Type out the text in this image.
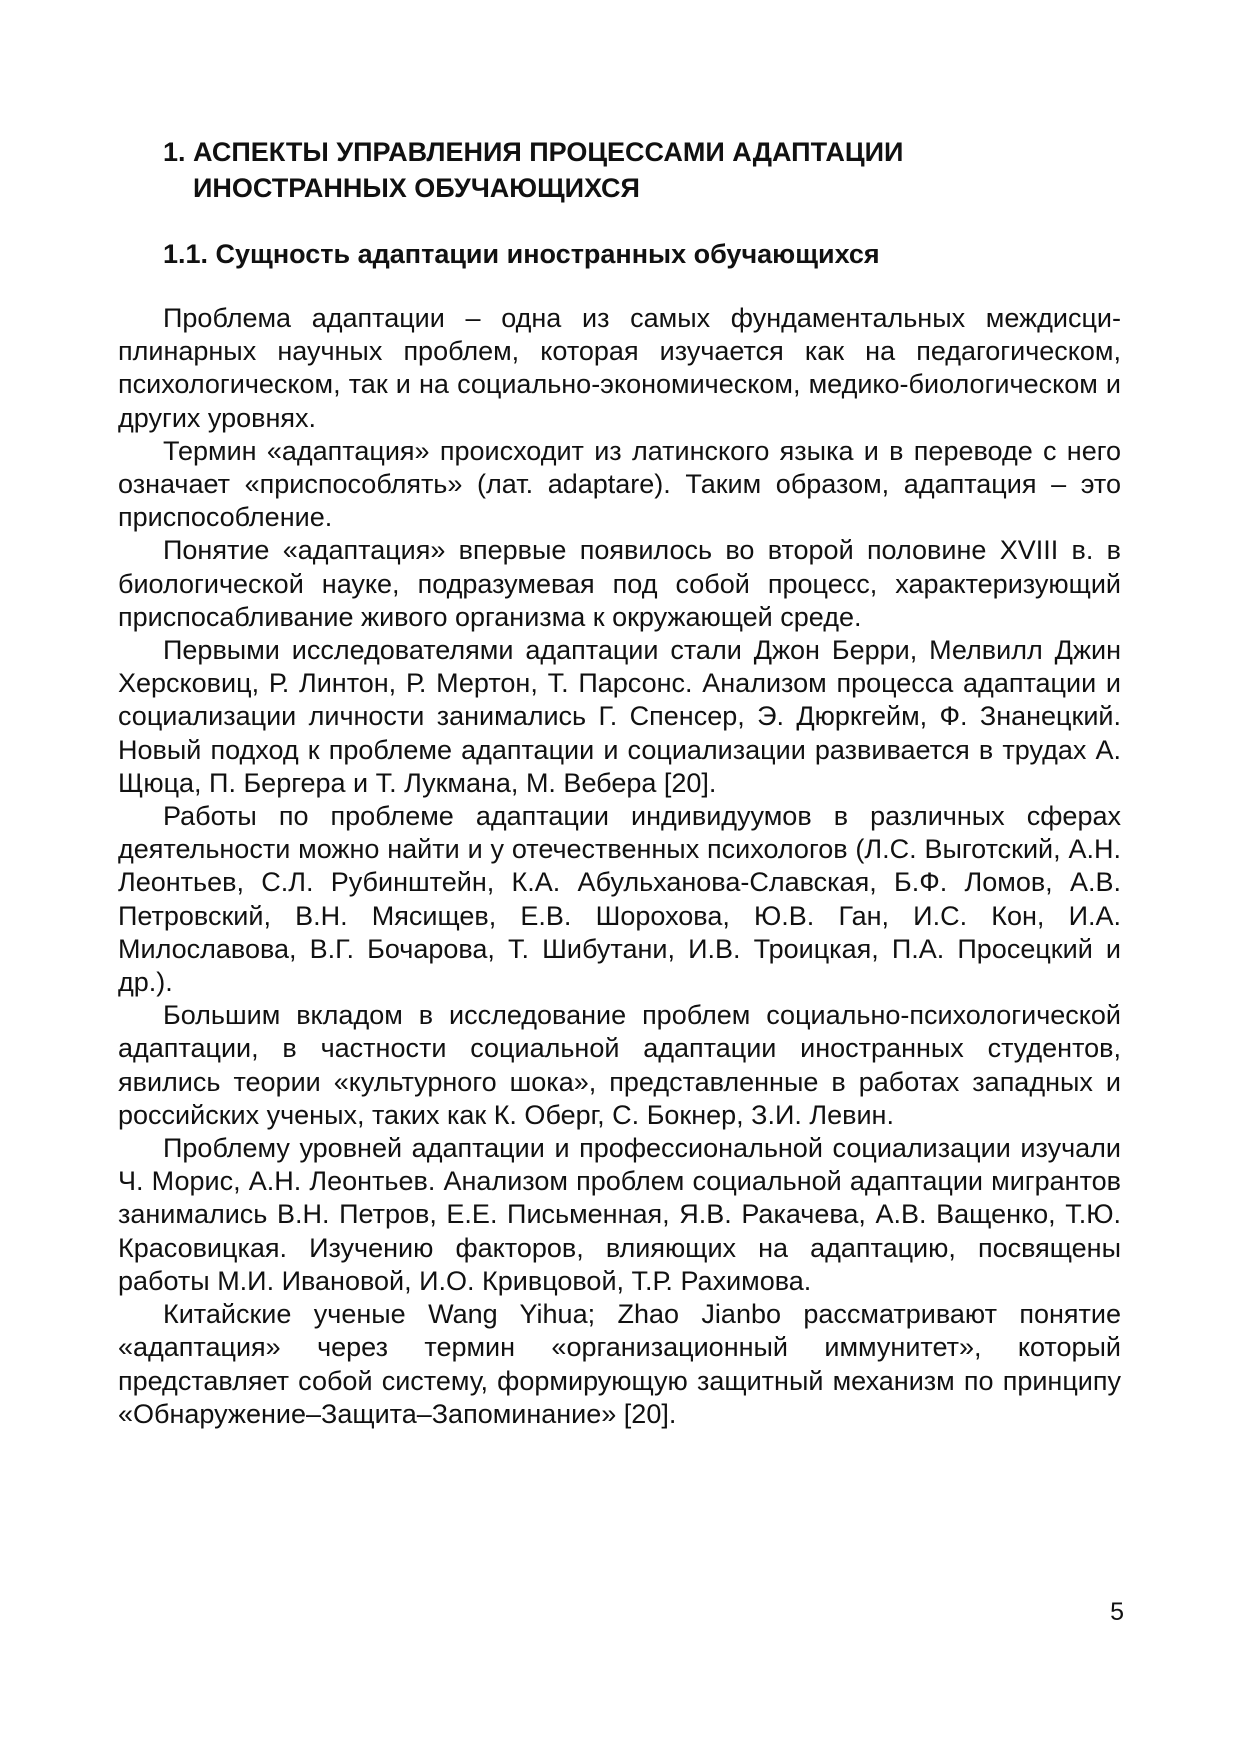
1. АСПЕКТЫ УПРАВЛЕНИЯ ПРОЦЕССАМИ АДАПТАЦИИ
ИНОСТРАННЫХ ОБУЧАЮЩИХСЯ
1.1. Сущность адаптации иностранных обучающихся

Проблема адаптации – одна из самых фундаментальных междисциплинарных научных проблем, которая изучается как на педагогическом, психологическом, так и на социально-экономическом, медико-биологическом и других уровнях.

Термин «адаптация» происходит из латинского языка и в переводе с него означает «приспособлять» (лат. adaptare). Таким образом, адаптация – это приспособление.

Понятие «адаптация» впервые появилось во второй половине XVIII в. в биологической науке, подразумевая под собой процесс, характеризующий приспосабливание живого организма к окружающей среде.

Первыми исследователями адаптации стали Джон Берри, Мелвилл Джин Херсковиц, Р. Линтон, Р. Мертон, Т. Парсонс. Анализом процесса адаптации и социализации личности занимались Г. Спенсер, Э. Дюркгейм, Ф. Знанецкий. Новый подход к проблеме адаптации и социализации развивается в трудах А. Щюца, П. Бергера и Т. Лукмана, М. Вебера [20].

Работы по проблеме адаптации индивидуумов в различных сферах деятельности можно найти и у отечественных психологов (Л.С. Выготский, А.Н. Леонтьев, С.Л. Рубинштейн, К.А. Абульханова-Славская, Б.Ф. Ломов, А.В. Петровский, В.Н. Мясищев, Е.В. Шорохова, Ю.В. Ган, И.С. Кон, И.А. Милославова, В.Г. Бочарова, Т. Шибутани, И.В. Троицкая, П.А. Просецкий и др.).

Большим вкладом в исследование проблем социально-психологической адаптации, в частности социальной адаптации иностранных студентов, явились теории «культурного шока», представленные в работах западных и российских ученых, таких как К. Оберг, С. Бокнер, З.И. Левин.

Проблему уровней адаптации и профессиональной социализации изучали Ч. Морис, А.Н. Леонтьев. Анализом проблем социальной адаптации мигрантов занимались В.Н. Петров, Е.Е. Письменная, Я.В. Ракачева, А.В. Ващенко, Т.Ю. Красовицкая. Изучению факторов, влияющих на адаптацию, посвящены работы М.И. Ивановой, И.О. Кривцовой, Т.Р. Рахимова.

Китайские ученые Wang Yihua; Zhao Jianbo рассматривают понятие «адаптация» через термин «организационный иммунитет», который представляет собой систему, формирующую защитный механизм по принципу «Обнаружение–Защита–Запоминание» [20].

5
